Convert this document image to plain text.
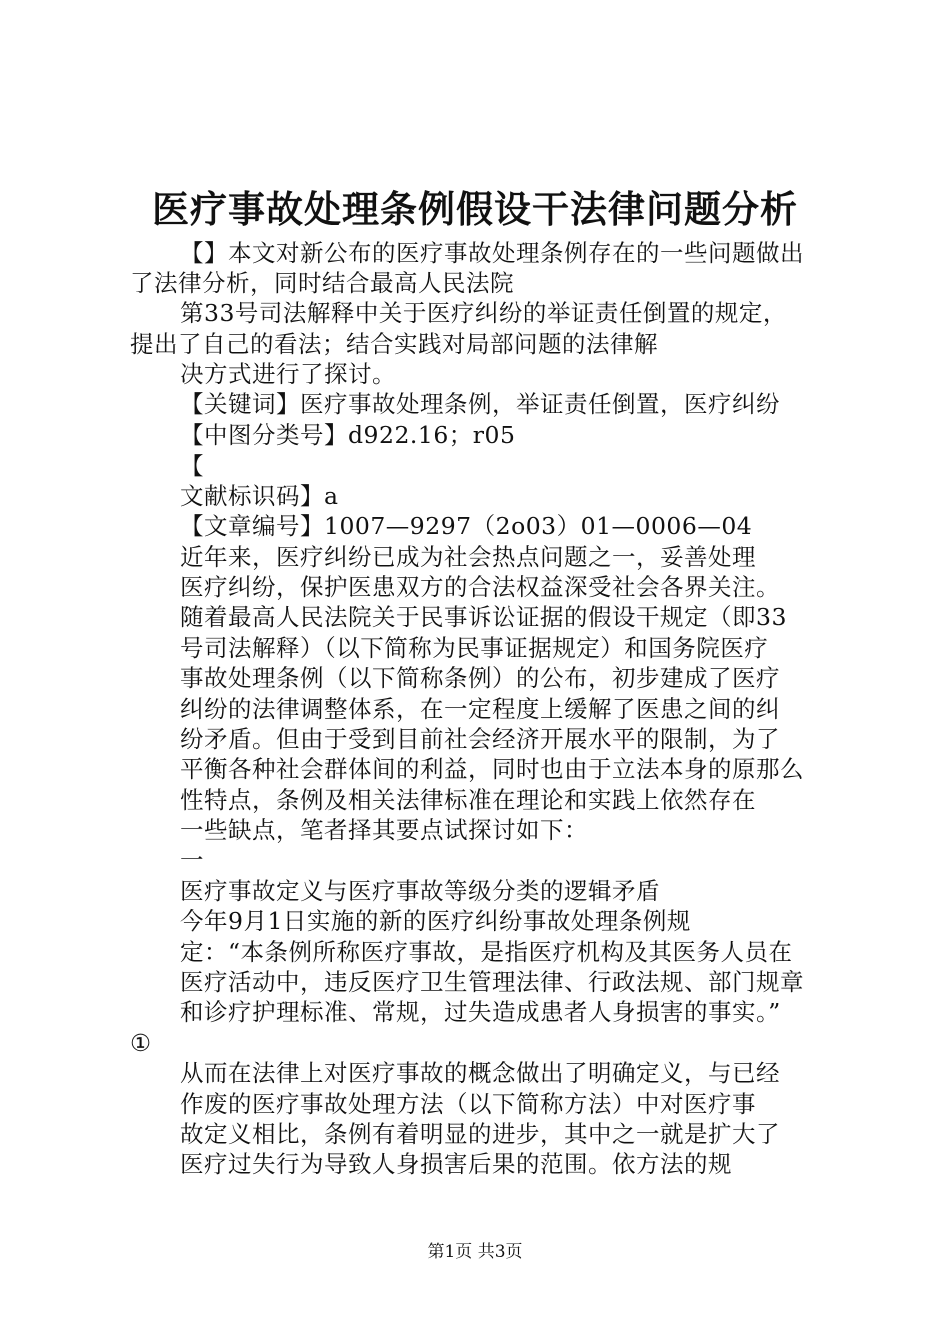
医疗事故处理条例假设干法律问题分析
【】本文对新公布的医疗事故处理条例存在的一些问题做出
了法律分析，同时结合最高人民法院
第33号司法解释中关于医疗纠纷的举证责任倒置的规定，
提出了自己的看法；结合实践对局部问题的法律解
决方式进行了探讨。
【关键词】医疗事故处理条例，举证责任倒置，医疗纠纷
【中图分类号】d922.16；r05
【
文献标识码】a
【文章编号】1007—9297（2o03）01—0006—04
近年来，医疗纠纷已成为社会热点问题之一，妥善处理
医疗纠纷，保护医患双方的合法权益深受社会各界关注。
随着最高人民法院关于民事诉讼证据的假设干规定（即33
号司法解释）（以下简称为民事证据规定）和国务院医疗
事故处理条例（以下简称条例）的公布，初步建成了医疗
纠纷的法律调整体系，在一定程度上缓解了医患之间的纠
纷矛盾。但由于受到目前社会经济开展水平的限制，为了
平衡各种社会群体间的利益，同时也由于立法本身的原那么
性特点，条例及相关法律标准在理论和实践上依然存在
一些缺点，笔者择其要点试探讨如下：
一
医疗事故定义与医疗事故等级分类的逻辑矛盾
今年9月1日实施的新的医疗纠纷事故处理条例规
定：“本条例所称医疗事故，是指医疗机构及其医务人员在
医疗活动中，违反医疗卫生管理法律、行政法规、部门规章
和诊疗护理标准、常规，过失造成患者人身损害的事实。”
①
从而在法律上对医疗事故的概念做出了明确定义，与已经
作废的医疗事故处理方法（以下简称方法）中对医疗事
故定义相比，条例有着明显的进步，其中之一就是扩大了
医疗过失行为导致人身损害后果的范围。依方法的规
第1页 共3页
